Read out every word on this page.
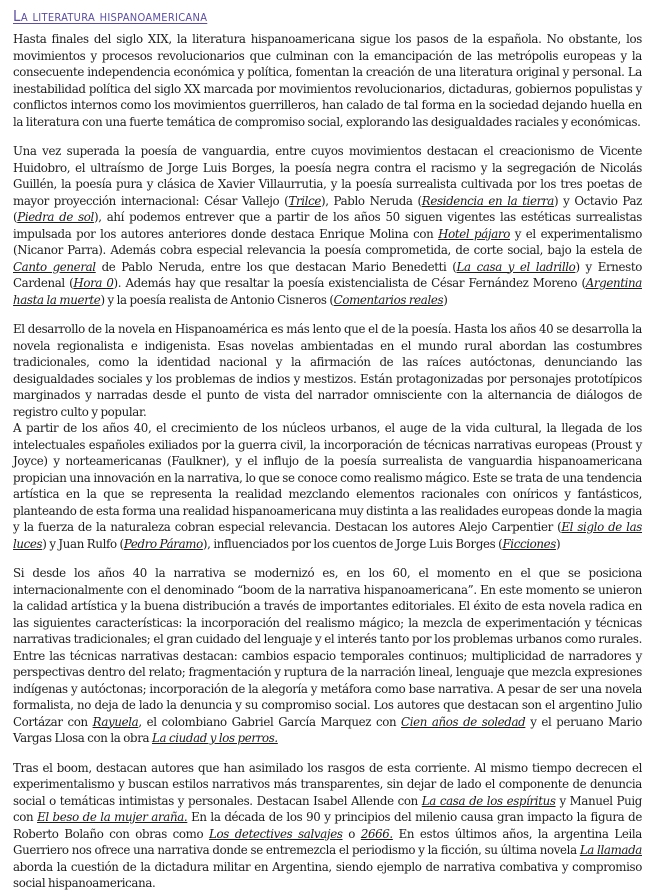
La literatura hispanoamericana

Hasta finales del siglo XIX, la literatura hispanoamericana sigue los pasos de la española. No obstante, los movimientos y procesos revolucionarios que culminan con la emancipación de las metrópolis europeas y la consecuente independencia económica y política, fomentan la creación de una literatura original y personal. La inestabilidad política del siglo XX marcada por movimientos revolucionarios, dictaduras, gobiernos populistas y conflictos internos como los movimientos guerrilleros, han calado de tal forma en la sociedad dejando huella en la literatura con una fuerte temática de compromiso social, explorando las desigualdades raciales y económicas.

Una vez superada la poesía de vanguardia, entre cuyos movimientos destacan el creacionismo de Vicente Huidobro, el ultraísmo de Jorge Luis Borges, la poesía negra contra el racismo y la segregación de Nicolás Guillén, la poesía pura y clásica de Xavier Villaurrutia, y la poesía surrealista cultivada por los tres poetas de mayor proyección internacional: César Vallejo (Trilce), Pablo Neruda (Residencia en la tierra) y Octavio Paz (Piedra de sol), ahí podemos entrever que a partir de los años 50 siguen vigentes las estéticas surrealistas impulsada por los autores anteriores donde destaca Enrique Molina con Hotel pájaro y el experimentalismo (Nicanor Parra). Además cobra especial relevancia la poesía comprometida, de corte social, bajo la estela de Canto general de Pablo Neruda, entre los que destacan Mario Benedetti (La casa y el ladrillo) y Ernesto Cardenal (Hora 0). Además hay que resaltar la poesía existencialista de César Fernández Moreno (Argentina hasta la muerte) y la poesía realista de Antonio Cisneros (Comentarios reales)

El desarrollo de la novela en Hispanoamérica es más lento que el de la poesía. Hasta los años 40 se desarrolla la novela regionalista e indigenista. Esas novelas ambientadas en el mundo rural abordan las costumbres tradicionales, como la identidad nacional y la afirmación de las raíces autóctonas, denunciando las desigualdades sociales y los problemas de indios y mestizos. Están protagonizadas por personajes prototípicos marginados y narradas desde el punto de vista del narrador omnisciente con la alternancia de diálogos de registro culto y popular.

A partir de los años 40, el crecimiento de los núcleos urbanos, el auge de la vida cultural, la llegada de los intelectuales españoles exiliados por la guerra civil, la incorporación de técnicas narrativas europeas (Proust y Joyce) y norteamericanas (Faulkner), y el influjo de la poesía surrealista de vanguardia hispanoamericana propician una innovación en la narrativa, lo que se conoce como realismo mágico. Este se trata de una tendencia artística en la que se representa la realidad mezclando elementos racionales con oníricos y fantásticos, planteando de esta forma una realidad hispanoamericana muy distinta a las realidades europeas donde la magia y la fuerza de la naturaleza cobran especial relevancia. Destacan los autores Alejo Carpentier (El siglo de las luces) y Juan Rulfo (Pedro Páramo), influenciados por los cuentos de Jorge Luis Borges (Ficciones)

Si desde los años 40 la narrativa se modernizó es, en los 60, el momento en el que se posiciona internacionalmente con el denominado “boom de la narrativa hispanoamericana”. En este momento se unieron la calidad artística y la buena distribución a través de importantes editoriales. El éxito de esta novela radica en las siguientes características: la incorporación del realismo mágico; la mezcla de experimentación y técnicas narrativas tradicionales; el gran cuidado del lenguaje y el interés tanto por los problemas urbanos como rurales. Entre las técnicas narrativas destacan: cambios espacio temporales continuos; multiplicidad de narradores y perspectivas dentro del relato; fragmentación y ruptura de la narración lineal, lenguaje que mezcla expresiones indígenas y autóctonas; incorporación de la alegoría y metáfora como base narrativa. A pesar de ser una novela formalista, no deja de lado la denuncia y su compromiso social. Los autores que destacan son el argentino Julio Cortázar con Rayuela, el colombiano Gabriel García Marquez con Cien años de soledad y el peruano Mario Vargas Llosa con la obra La ciudad y los perros.

Tras el boom, destacan autores que han asimilado los rasgos de esta corriente. Al mismo tiempo decrecen el experimentalismo y buscan estilos narrativos más transparentes, sin dejar de lado el componente de denuncia social o temáticas intimistas y personales. Destacan Isabel Allende con La casa de los espíritus y Manuel Puig con El beso de la mujer araña. En la década de los 90 y principios del milenio causa gran impacto la figura de Roberto Bolaño con obras como Los detectives salvajes o 2666. En estos últimos años, la argentina Leila Guerriero nos ofrece una narrativa donde se entremezcla el periodismo y la ficción, su última novela La llamada aborda la cuestión de la dictadura militar en Argentina, siendo ejemplo de narrativa combativa y compromiso social hispanoamericana.
